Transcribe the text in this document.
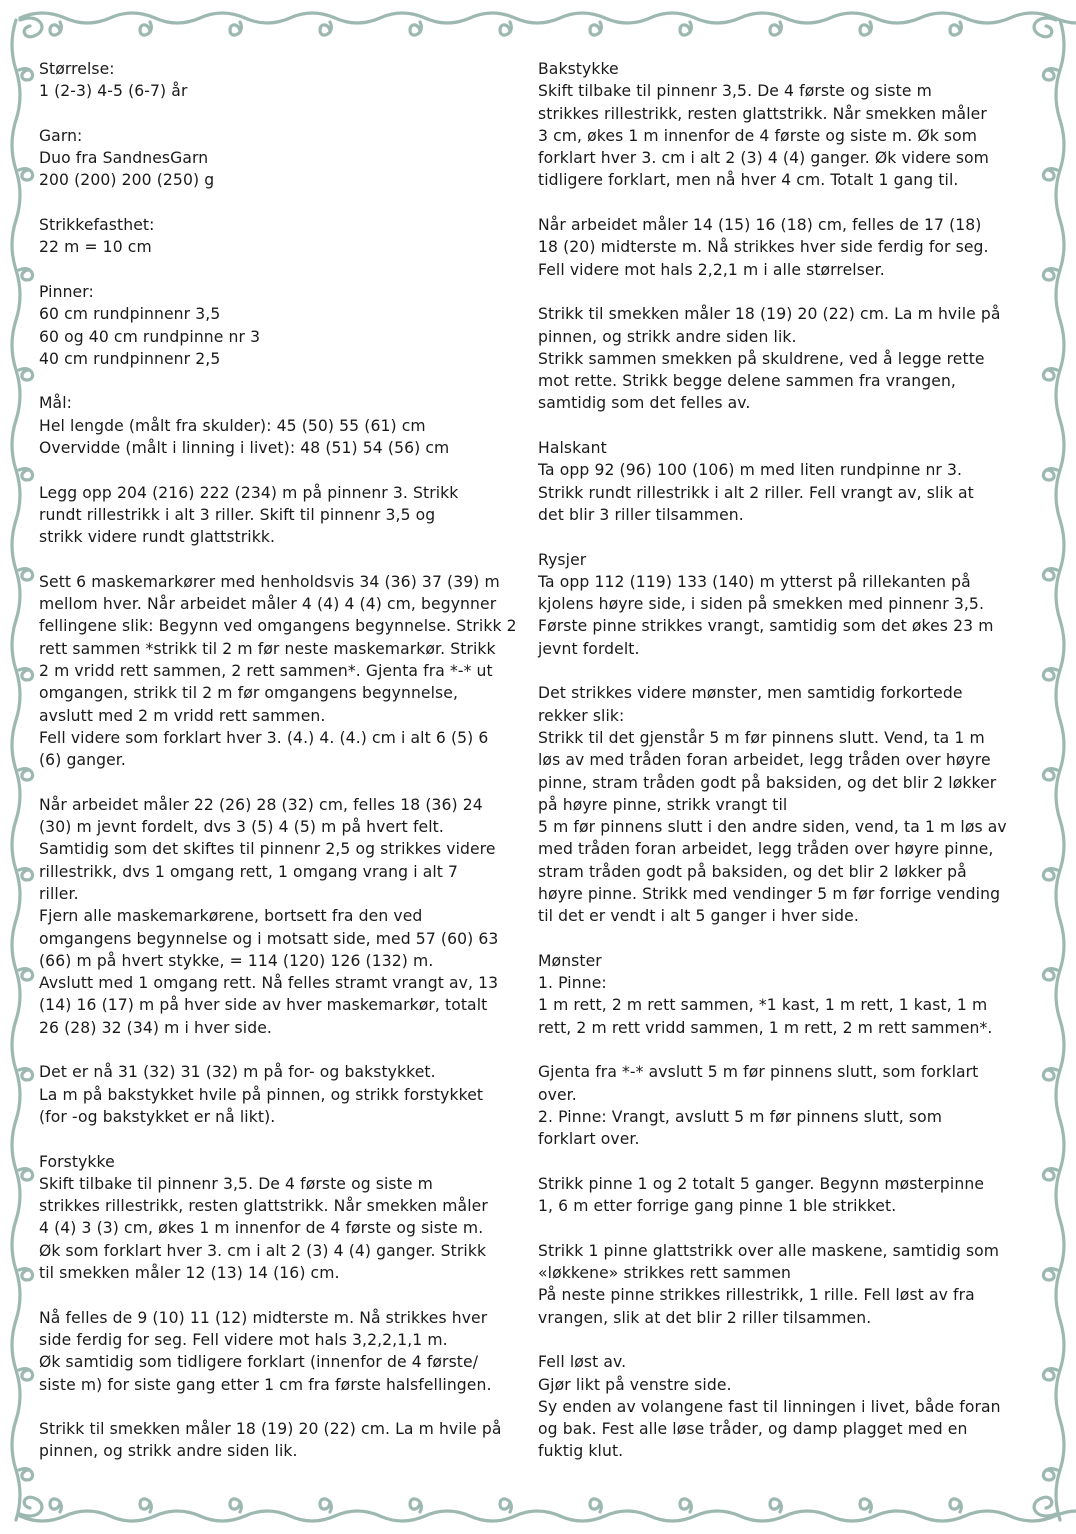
Størrelse:
1 (2-3) 4-5 (6-7) år
Garn:
Duo fra SandnesGarn
200 (200) 200 (250) g
Strikkefasthet:
22 m = 10 cm
Pinner:
60 cm rundpinnenr 3,5
60 og 40 cm rundpinne nr 3
40 cm rundpinnenr 2,5
Mål:
Hel lengde (målt fra skulder): 45 (50) 55 (61) cm
Overvidde (målt i linning i livet): 48 (51) 54 (56) cm
Legg opp 204 (216) 222 (234) m på pinnenr 3. Strikk
rundt rillestrikk i alt 3 riller. Skift til pinnenr 3,5 og
strikk videre rundt glattstrikk.
Sett 6 maskemarkører med henholdsvis 34 (36) 37 (39) m
mellom hver. Når arbeidet måler 4 (4) 4 (4) cm, begynner
fellingene slik: Begynn ved omgangens begynnelse. Strikk 2
rett sammen *strikk til 2 m før neste maskemarkør. Strikk
2 m vridd rett sammen, 2 rett sammen*. Gjenta fra *-* ut
omgangen, strikk til 2 m før omgangens begynnelse,
avslutt med 2 m vridd rett sammen.
Fell videre som forklart hver 3. (4.) 4. (4.) cm i alt 6 (5) 6
(6) ganger.
Når arbeidet måler 22 (26) 28 (32) cm, felles 18 (36) 24
(30) m jevnt fordelt, dvs 3 (5) 4 (5) m på hvert felt.
Samtidig som det skiftes til pinnenr 2,5 og strikkes videre
rillestrikk, dvs 1 omgang rett, 1 omgang vrang i alt 7
riller.
Fjern alle maskemarkørene, bortsett fra den ved
omgangens begynnelse og i motsatt side, med 57 (60) 63
(66) m på hvert stykke, = 114 (120) 126 (132) m.
Avslutt med 1 omgang rett. Nå felles stramt vrangt av, 13
(14) 16 (17) m på hver side av hver maskemarkør, totalt
26 (28) 32 (34) m i hver side.
Det er nå 31 (32) 31 (32) m på for- og bakstykket.
La m på bakstykket hvile på pinnen, og strikk forstykket
(for -og bakstykket er nå likt).
Forstykke
Skift tilbake til pinnenr 3,5. De 4 første og siste m
strikkes rillestrikk, resten glattstrikk. Når smekken måler
4 (4) 3 (3) cm, økes 1 m innenfor de 4 første og siste m.
Øk som forklart hver 3. cm i alt 2 (3) 4 (4) ganger. Strikk
til smekken måler 12 (13) 14 (16) cm.
Nå felles de 9 (10) 11 (12) midterste m. Nå strikkes hver
side ferdig for seg. Fell videre mot hals 3,2,2,1,1 m.
Øk samtidig som tidligere forklart (innenfor de 4 første/
siste m) for siste gang etter 1 cm fra første halsfellingen.
Strikk til smekken måler 18 (19) 20 (22) cm. La m hvile på
pinnen, og strikk andre siden lik.
Bakstykke
Skift tilbake til pinnenr 3,5. De 4 første og siste m
strikkes rillestrikk, resten glattstrikk. Når smekken måler
3 cm, økes 1 m innenfor de 4 første og siste m. Øk som
forklart hver 3. cm i alt 2 (3) 4 (4) ganger. Øk videre som
tidligere forklart, men nå hver 4 cm. Totalt 1 gang til.
Når arbeidet måler 14 (15) 16 (18) cm, felles de 17 (18)
18 (20) midterste m. Nå strikkes hver side ferdig for seg.
Fell videre mot hals 2,2,1 m i alle størrelser.
Strikk til smekken måler 18 (19) 20 (22) cm. La m hvile på
pinnen, og strikk andre siden lik.
Strikk sammen smekken på skuldrene, ved å legge rette
mot rette. Strikk begge delene sammen fra vrangen,
samtidig som det felles av.
Halskant
Ta opp 92 (96) 100 (106) m med liten rundpinne nr 3.
Strikk rundt rillestrikk i alt 2 riller. Fell vrangt av, slik at
det blir 3 riller tilsammen.
Rysjer
Ta opp 112 (119) 133 (140) m ytterst på rillekanten på
kjolens høyre side, i siden på smekken med pinnenr 3,5.
Første pinne strikkes vrangt, samtidig som det økes 23 m
jevnt fordelt.
Det strikkes videre mønster, men samtidig forkortede
rekker slik:
Strikk til det gjenstår 5 m før pinnens slutt. Vend, ta 1 m
løs av med tråden foran arbeidet, legg tråden over høyre
pinne, stram tråden godt på baksiden, og det blir 2 løkker
på høyre pinne, strikk vrangt til
5 m før pinnens slutt i den andre siden, vend, ta 1 m løs av
med tråden foran arbeidet, legg tråden over høyre pinne,
stram tråden godt på baksiden, og det blir 2 løkker på
høyre pinne. Strikk med vendinger 5 m før forrige vending
til det er vendt i alt 5 ganger i hver side.
Mønster
1. Pinne:
1 m rett, 2 m rett sammen, *1 kast, 1 m rett, 1 kast, 1 m
rett, 2 m rett vridd sammen, 1 m rett, 2 m rett sammen*.
Gjenta fra *-* avslutt 5 m før pinnens slutt, som forklart
over.
2. Pinne: Vrangt, avslutt 5 m før pinnens slutt, som
forklart over.
Strikk pinne 1 og 2 totalt 5 ganger. Begynn møsterpinne
1, 6 m etter forrige gang pinne 1 ble strikket.
Strikk 1 pinne glattstrikk over alle maskene, samtidig som
«løkkene» strikkes rett sammen
På neste pinne strikkes rillestrikk, 1 rille. Fell løst av fra
vrangen, slik at det blir 2 riller tilsammen.
Fell løst av.
Gjør likt på venstre side.
Sy enden av volangene fast til linningen i livet, både foran
og bak. Fest alle løse tråder, og damp plagget med en
fuktig klut.
